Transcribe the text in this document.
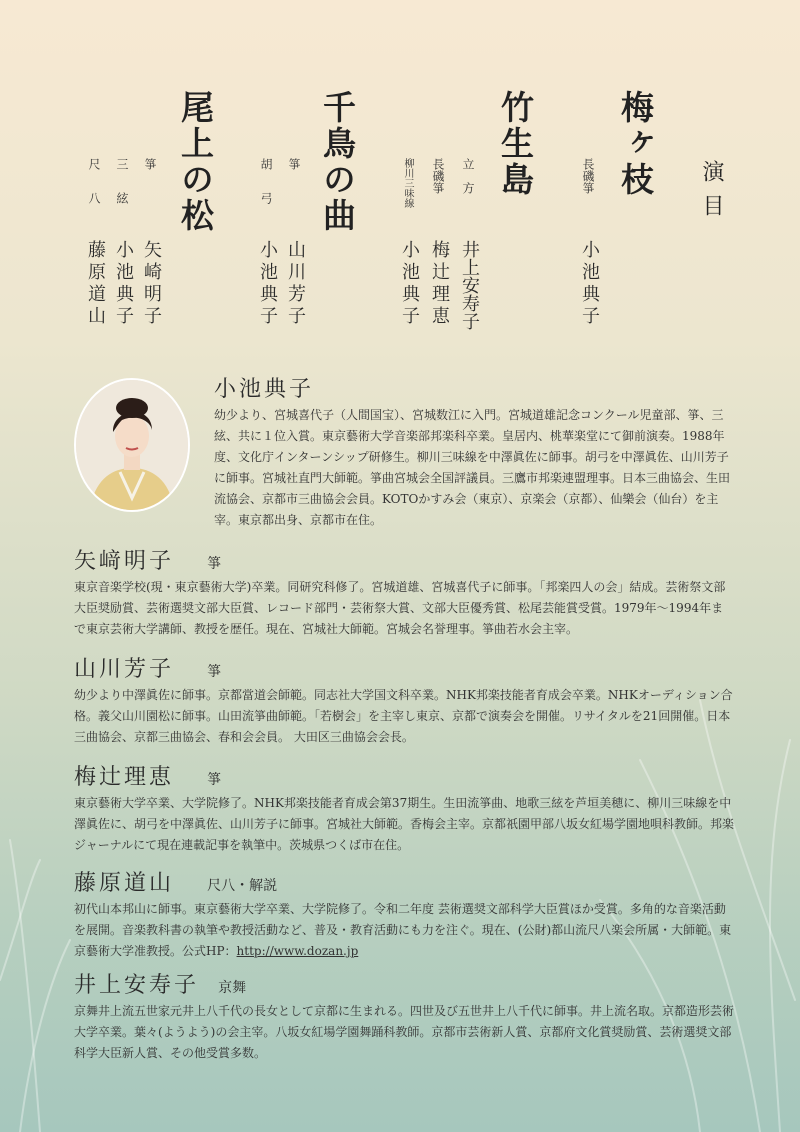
演目
梅ヶ枝
長磯箏
小池典子
竹生島
立方
井上安寿子
長磯箏
梅辻理恵
柳川三味線
小池典子
千鳥の曲
箏
山川芳子
胡弓
小池典子
尾上の松
箏
矢崎明子
三絃
小池典子
尺八
藤原道山
小池典子

幼少より、宮城喜代子（人間国宝）、宮城数江に入門。宮城道雄記念コンクール児童部、箏、三絃、共に１位入賞。東京藝術大学音楽部邦楽科卒業。皇居内、桃華楽堂にて御前演奏。1988年度、文化庁インターンシップ研修生。柳川三味線を中澤眞佐に師事。胡弓を中澤眞佐、山川芳子に師事。宮城社直門大師範。箏曲宮城会全国評議員。三鷹市邦楽連盟理事。日本三曲協会、生田流協会、京都市三曲協会会員。KOTOかすみ会（東京）、京楽会（京都）、仙樂会（仙台）を主宰。東京都出身、京都市在住。

矢﨑明子 箏

東京音楽学校(現・東京藝術大学)卒業。同研究科修了。宮城道雄、宮城喜代子に師事。「邦楽四人の会」結成。芸術祭文部大臣奨励賞、芸術選奨文部大臣賞、レコード部門・芸術祭大賞、文部大臣優秀賞、松尾芸能賞受賞。1979年～1994年まで東京芸術大学講師、教授を歴任。現在、宮城社大師範。宮城会名誉理事。箏曲若水会主宰。

山川芳子 箏

幼少より中澤眞佐に師事。京都當道会師範。同志社大学国文科卒業。NHK邦楽技能者育成会卒業。NHKオーディション合格。義父山川園松に師事。山田流箏曲師範。「若樹会」を主宰し東京、京都で演奏会を開催。リサイタルを21回開催。日本三曲協会、京都三曲協会、春和会会員。 大田区三曲協会会長。

梅辻理恵 箏

東京藝術大学卒業、大学院修了。NHK邦楽技能者育成会第37期生。生田流箏曲、地歌三絃を芦垣美穂に、柳川三味線を中澤眞佐に、胡弓を中澤眞佐、山川芳子に師事。宮城社大師範。香梅会主宰。京都祇園甲部八坂女紅場学園地唄科教師。邦楽ジャーナルにて現在連載記事を執筆中。茨城県つくば市在住。

藤原道山 尺八・解説

初代山本邦山に師事。東京藝術大学卒業、大学院修了。令和二年度 芸術選奨文部科学大臣賞ほか受賞。多角的な音楽活動を展開。音楽教科書の執筆や教授活動など、普及・教育活動にも力を注ぐ。現在、(公財)都山流尺八楽会所属・大師範。東京藝術大学准教授。公式HP：http://www.dozan.jp

井上安寿子 京舞

京舞井上流五世家元井上八千代の長女として京都に生まれる。四世及び五世井上八千代に師事。井上流名取。京都造形芸術大学卒業。葉々(ようよう)の会主宰。八坂女紅場学園舞踊科教師。京都市芸術新人賞、京都府文化賞奨励賞、芸術選奨文部科学大臣新人賞、その他受賞多数。
